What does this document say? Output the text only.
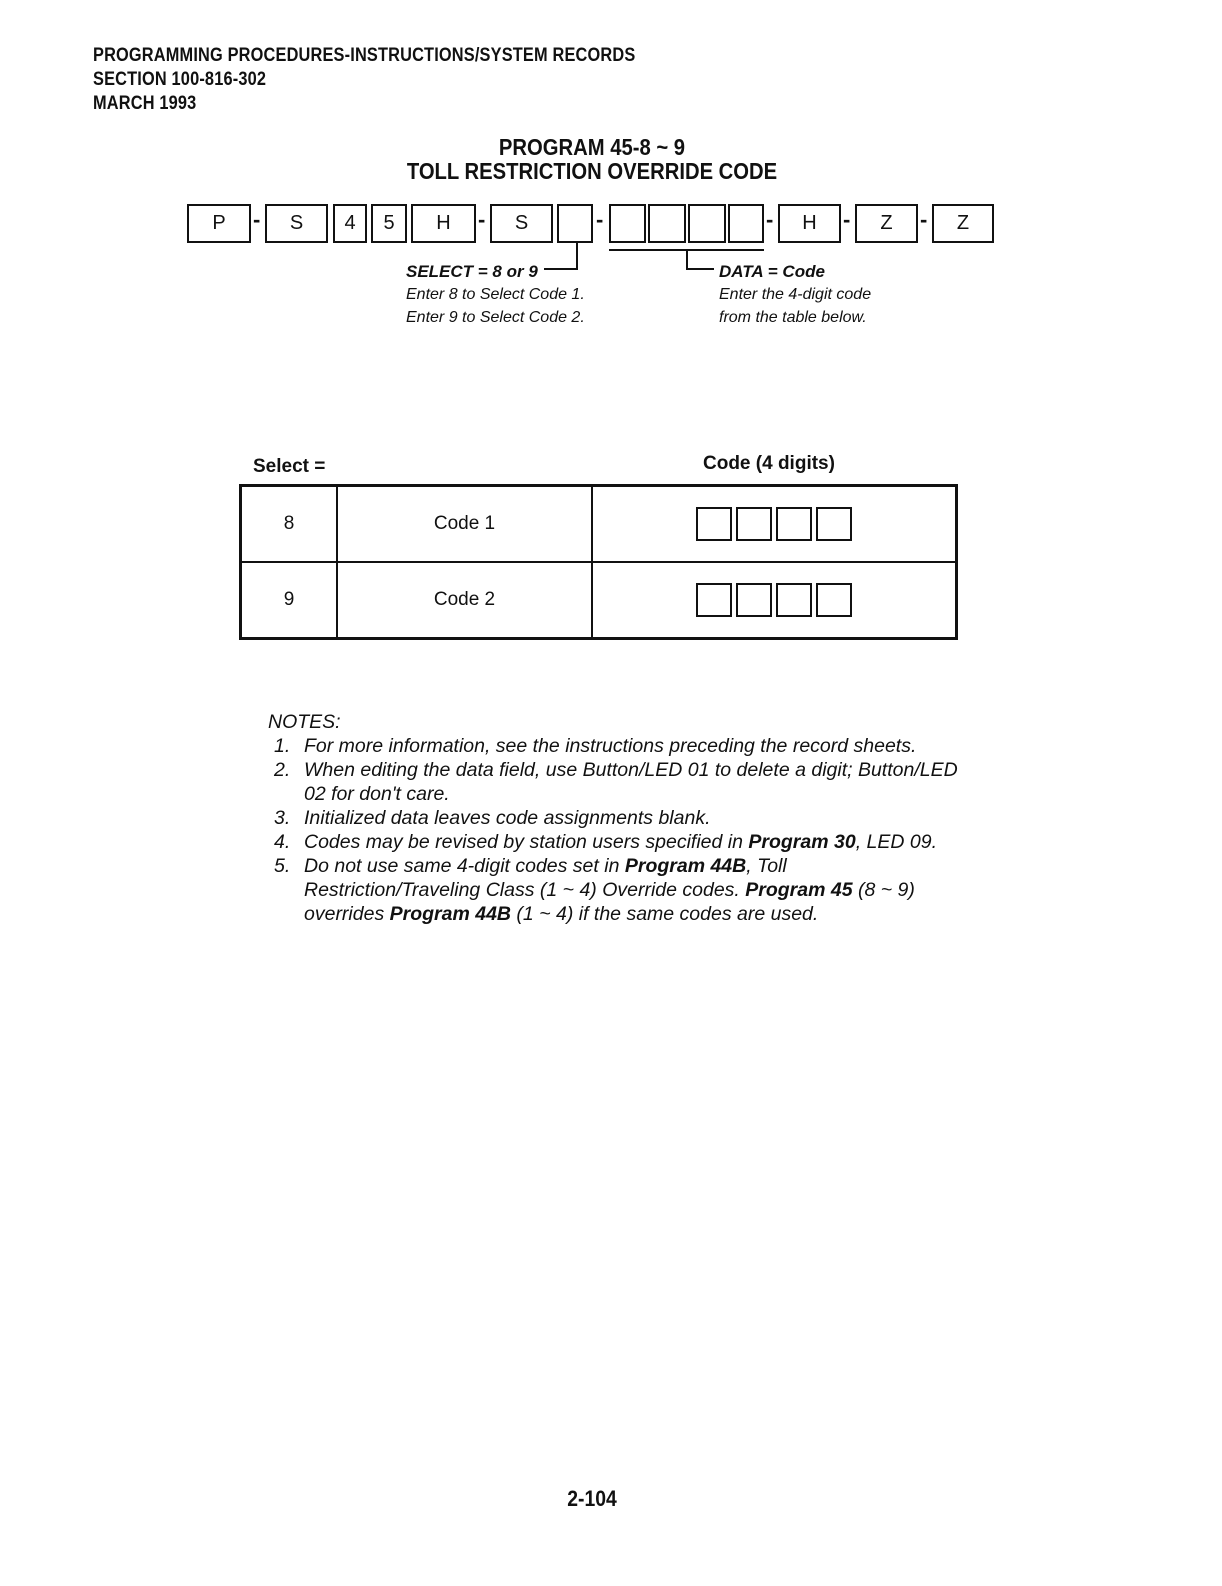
PROGRAMMING PROCEDURES-INSTRUCTIONS/SYSTEM RECORDS
SECTION 100-816-302
MARCH 1993
PROGRAM 45-8 ~ 9
TOLL RESTRICTION OVERRIDE CODE
P	-	S	4	5	H	-	S	-	-	H	-	Z	-	Z
SELECT = 8 or 9
Enter 8 to Select Code 1.
Enter 9 to Select Code 2.
DATA = Code
Enter the 4-digit code
from the table below.
Select =	Code (4 digits)
8	Code 1	

9	Code 2	
NOTES:
1. For more information, see the instructions preceding the record sheets.
2. When editing the data field, use Button/LED 01 to delete a digit; Button/LED 02 for don't care.
3. Initialized data leaves code assignments blank.
4. Codes may be revised by station users specified in Program 30, LED 09.
5. Do not use same 4-digit codes set in Program 44B, Toll Restriction/Traveling Class (1 ~ 4) Override codes. Program 45 (8 ~ 9) overrides Program 44B (1 ~ 4) if the same codes are used.
2-104
